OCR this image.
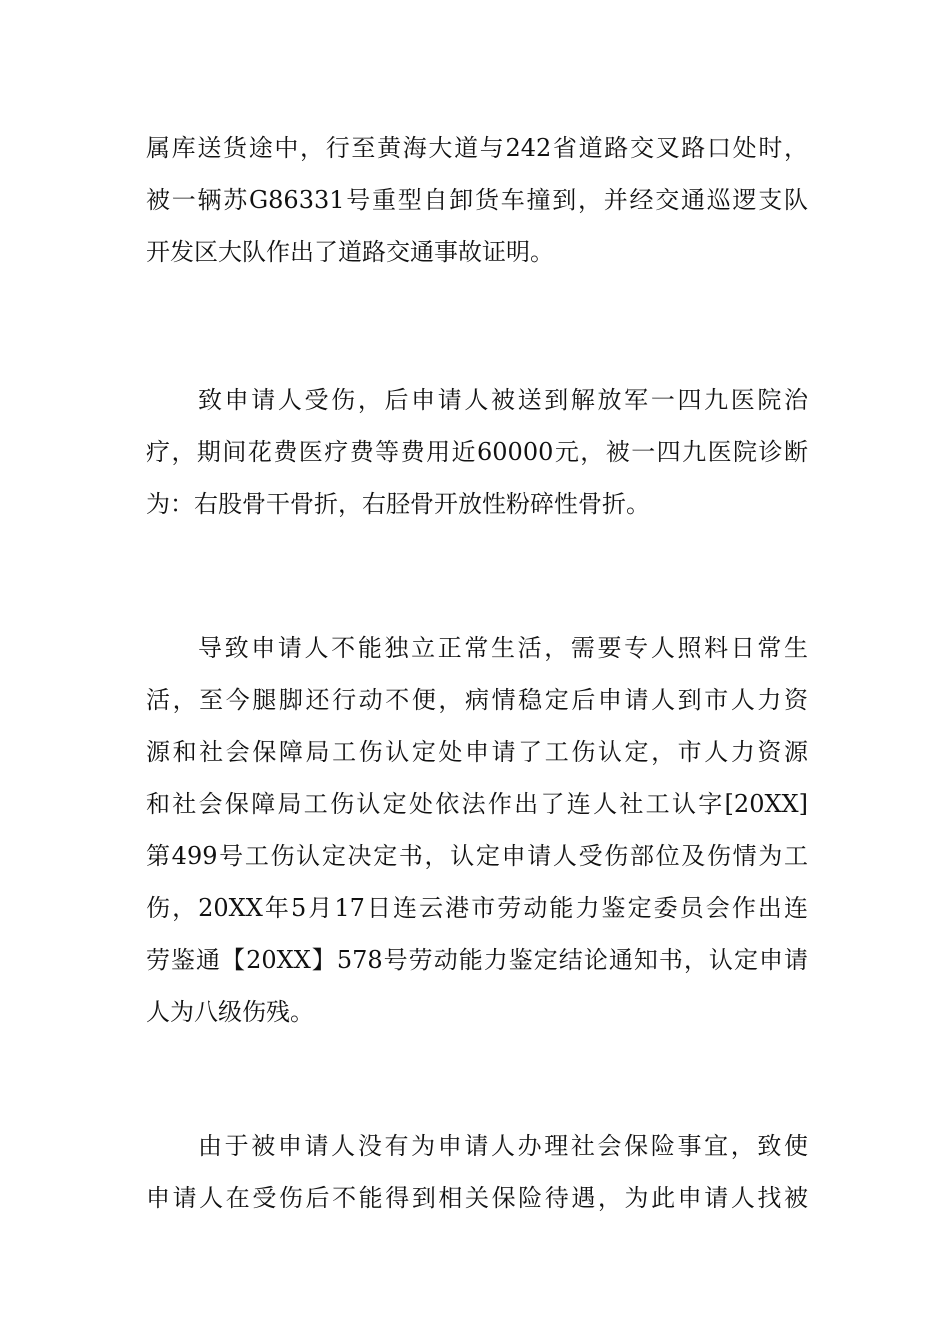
属库送货途中，行至黄海大道与242省道路交叉路口处时，
被一辆苏G86331号重型自卸货车撞到，并经交通巡逻支队
开发区大队作出了道路交通事故证明。
致申请人受伤，后申请人被送到解放军一四九医院治
疗，期间花费医疗费等费用近60000元，被一四九医院诊断
为：右股骨干骨折，右胫骨开放性粉碎性骨折。
导致申请人不能独立正常生活，需要专人照料日常生
活，至今腿脚还行动不便，病情稳定后申请人到市人力资
源和社会保障局工伤认定处申请了工伤认定，市人力资源
和社会保障局工伤认定处依法作出了连人社工认字[20XX]
第499号工伤认定决定书，认定申请人受伤部位及伤情为工
伤，20XX年5月17日连云港市劳动能力鉴定委员会作出连
劳鉴通【20XX】578号劳动能力鉴定结论通知书，认定申请
人为八级伤残。
由于被申请人没有为申请人办理社会保险事宜，致使
申请人在受伤后不能得到相关保险待遇，为此申请人找被
